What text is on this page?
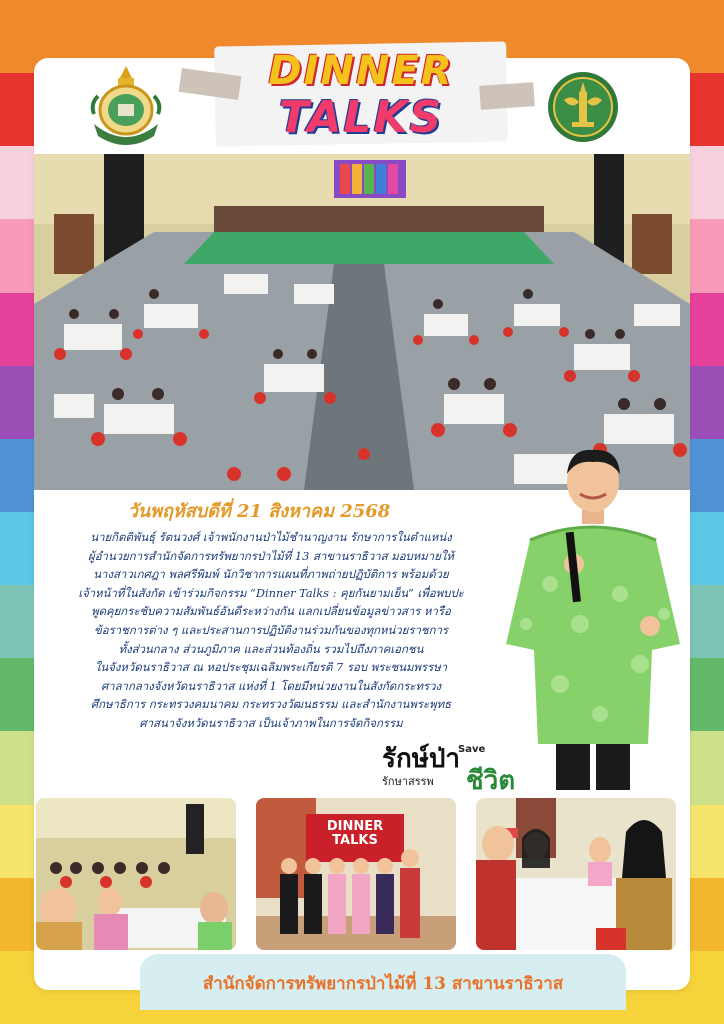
DINNER
TALKS
วันพฤหัสบดีที่ 21 สิงหาคม 2568
นายกิตติพันธุ์ รัตนวงศ์ เจ้าพนักงานป่าไม้ชำนาญงาน รักษาการในตำแหน่ง
ผู้อำนวยการสำนักจัดการทรัพยากรป่าไม้ที่ 13 สาขานราธิวาส มอบหมายให้
นางสาวเกศฎา พลศรีพิมพ์ นักวิชาการแผนที่ภาพถ่ายปฏิบัติการ พร้อมด้วย
เจ้าหน้าที่ในสังกัด เข้าร่วมกิจกรรม “Dinner Talks : คุยกันยามเย็น” เพื่อพบปะ
พูดคุยกระชับความสัมพันธ์อันดีระหว่างกัน แลกเปลี่ยนข้อมูลข่าวสาร หารือ
ข้อราชการต่าง ๆ และประสานการปฏิบัติงานร่วมกันของทุกหน่วยราชการ
ทั้งส่วนกลาง ส่วนภูมิภาค และส่วนท้องถิ่น รวมไปถึงภาคเอกชน
ในจังหวัดนราธิวาส ณ หอประชุมเฉลิมพระเกียรติ 7 รอบ พระชนมพรรษา
ศาลากลางจังหวัดนราธิวาส แห่งที่ 1 โดยมีหน่วยงานในสังกัดกระทรวง
ศึกษาธิการ กระทรวงคมนาคม กระทรวงวัฒนธรรม และสำนักงานพระพุทธ
ศาสนาจังหวัดนราธิวาส เป็นเจ้าภาพในการจัดกิจกรรม
รักษ์ป่า
Save
ชีวิต
รักษาสรรพ
DINNER
TALKS
สำนักจัดการทรัพยากรป่าไม้ที่ 13 สาขานราธิวาส
